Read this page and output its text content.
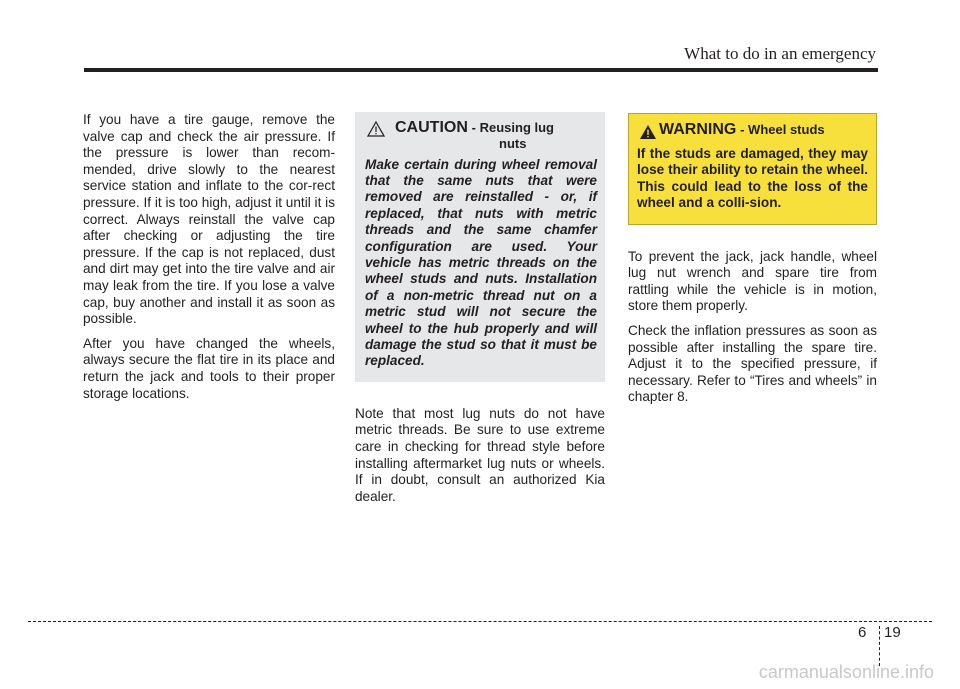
What to do in an emergency

If you have a tire gauge, remove the valve cap and check the air pressure. If the pressure is lower than recom-mended, drive slowly to the nearest service station and inflate to the cor-rect pressure. If it is too high, adjust it until it is correct. Always reinstall the valve cap after checking or adjusting the tire pressure. If the cap is not replaced, dust and dirt may get into the tire valve and air may leak from the tire. If you lose a valve cap, buy another and install it as soon as possible.

After you have changed the wheels, always secure the flat tire in its place and return the jack and tools to their proper storage locations.

CAUTION - Reusing lug
nuts
Make certain during wheel removal that the same nuts that were removed are reinstalled - or, if replaced, that nuts with metric threads and the same chamfer configuration are used. Your vehicle has metric threads on the wheel studs and nuts. Installation of a non-metric thread nut on a metric stud will not secure the wheel to the hub properly and will damage the stud so that it must be replaced.

Note that most lug nuts do not have metric threads. Be sure to use extreme care in checking for thread style before installing aftermarket lug nuts or wheels. If in doubt, consult an authorized Kia dealer.

WARNING - Wheel studs
If the studs are damaged, they may lose their ability to retain the wheel. This could lead to the loss of the wheel and a colli-sion.

To prevent the jack, jack handle, wheel lug nut wrench and spare tire from rattling while the vehicle is in motion, store them properly.

Check the inflation pressures as soon as possible after installing the spare tire. Adjust it to the specified pressure, if necessary. Refer to “Tires and wheels” in chapter 8.

6 19
carmanualsonline.info
